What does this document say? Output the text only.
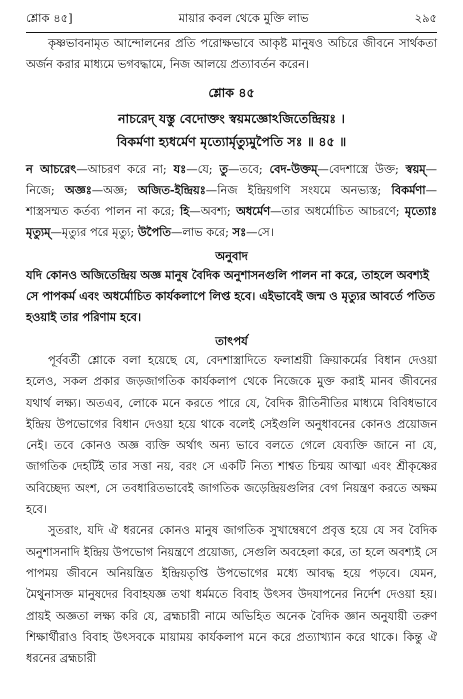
শ্লোক ৪৫]	মায়ার কবল থেকে মুক্তি লাভ	২৯৫

কৃষ্ণভাবনামৃত আন্দোলনের প্রতি পরোক্ষভাবে আকৃষ্ট মানুষও অচিরে জীবনে সার্থকতা অর্জন করার মাধ্যমে ভগবদ্ধামে, নিজ আলয়ে প্রত্যাবর্তন করেন।

শ্লোক ৪৫

নাচরেদ্ যস্তু বেদোক্তং স্বয়মজ্ঞোঽজিতেন্দ্রিয়ঃ ।
বিকর্মণা হ্যধর্মেণ মৃত্যোর্মৃত্যুমুপৈতি সঃ ॥ ৪৫ ॥

ন আচরেৎ—আচরণ করে না; যঃ—যে; তু—তবে; বেদ-উক্তম্—বেদশাস্ত্রে উক্ত; স্বয়ম্—নিজে; অজ্ঞঃ—অজ্ঞ; অজিত-ইন্দ্রিয়ঃ—নিজ ইন্দ্রিয়গণি সংযমে অনভ্যস্ত; বিকর্মণা—শাস্ত্রসম্মত কর্তব্য পালন না করে; হি—অবশ্য; অধর্মেণ—তার অধর্মোচিত আচরণে; মৃত্যোঃ মৃত্যুম্—মৃত্যুর পরে মৃত্যু; উপৈতি—লাভ করে; সঃ—সে।

অনুবাদ

যদি কোনও অজিতেন্দ্রিয় অজ্ঞ মানুষ বৈদিক অনুশাসনগুলি পালন না করে, তাহলে অবশ্যই সে পাপকর্ম এবং অধর্মোচিত কার্যকলাপে লিপ্ত হবে। এইভাবেই জন্ম ও মৃত্যুর আবর্তে পতিত হওয়াই তার পরিণাম হবে।

তাৎপর্য

পূর্ববর্তী শ্লোকে বলা হয়েছে যে, বেদশাস্ত্রাদিতে ফলাশ্রয়ী ক্রিয়াকর্মের বিধান দেওয়া হলেও, সকল প্রকার জড়জাগতিক কার্যকলাপ থেকে নিজেকে মুক্ত করাই মানব জীবনের যথার্থ লক্ষ্য। অতএব, লোকে মনে করতে পারে যে, বৈদিক রীতিনীতির মাধ্যমে বিবিধভাবে ইন্দ্রিয় উপভোগের বিধান দেওয়া হয়ে থাকে বলেই সেইগুলি অনুধাবনের কোনও প্রয়োজন নেই। তবে কোনও অজ্ঞ ব্যক্তি অর্থাৎ অন্য ভাবে বলতে গেলে যেব্যক্তি জানে না যে, জাগতিক দেহটিই তার সত্তা নয়, বরং সে একটি নিত্য শাশ্বত চিন্ময় আত্মা এবং শ্রীকৃষ্ণের অবিচ্ছেদ্য অংশ, সে তবধারিতভাবেই জাগতিক জড়েন্দ্রিয়গুলির বেগ নিয়ন্ত্রণ করতে অক্ষম হবে।

সুতরাং, যদি ঐ ধরনের কোনও মানুষ জাগতিক সুখাম্বেষণে প্রবৃত্ত হয়ে যে সব বৈদিক অনুশাসনাদি ইন্দ্রিয় উপভোগ নিয়ন্ত্রণে প্রয়োজ্য, সেগুলি অবহেলা করে, তা হলে অবশ্যই সে পাপময় জীবনে অনিয়ন্ত্রিত ইন্দ্রিয়তৃপ্তি উপভোগের মধ্যে আবদ্ধ হয়ে পড়বে। যেমন, মৈথুনাসক্ত মানুষদের বিবাহযজ্ঞ তথা ধর্মমতে বিবাহ উৎসব উদযাপনের নির্দেশ দেওয়া হয়। প্রায়ই অজ্ঞতা লক্ষ্য করি যে, ব্রহ্মচারী নামে অভিহিত অনেক বৈদিক জ্ঞান অনুযায়ী তরুণ শিক্ষার্থীরাও বিবাহ উৎসবকে মায়াময় কার্যকলাপ মনে করে প্রত্যাখ্যান করে থাকে। কিন্তু ঐ ধরনের ব্রহ্মচারী
